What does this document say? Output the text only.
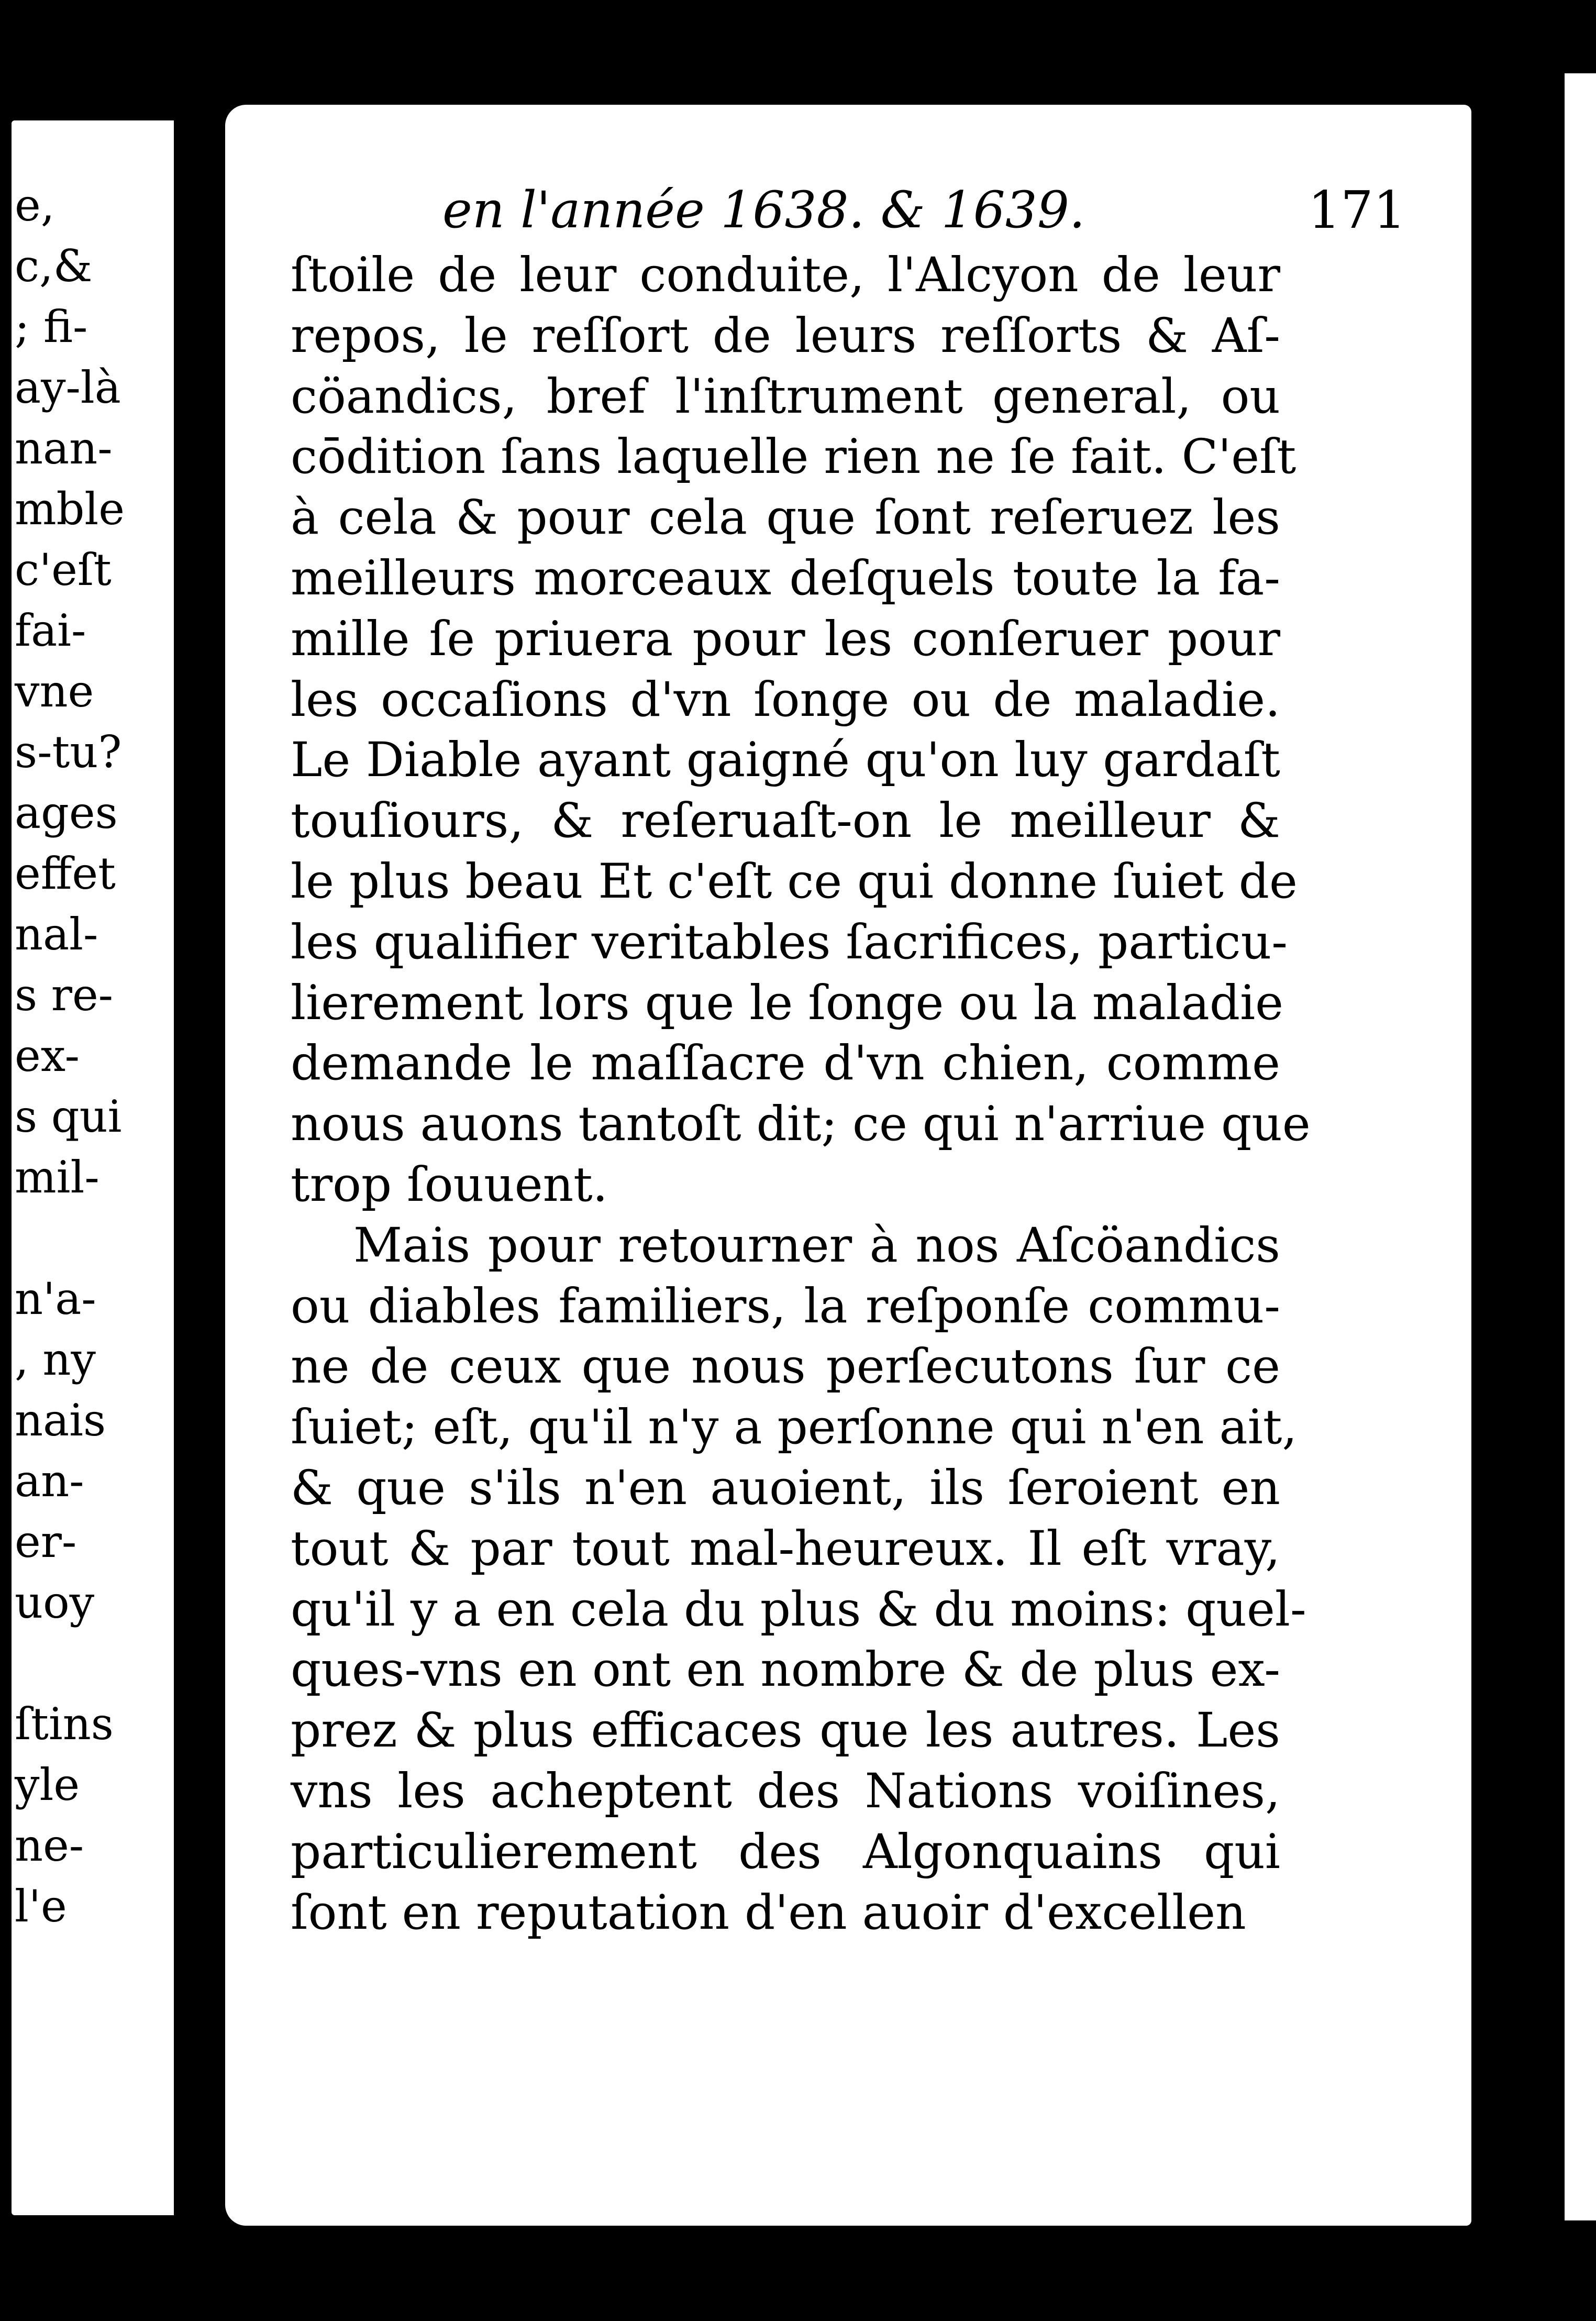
e,
c,&
; fi-
ay-là
nan-
mble
c'eſt
fai-
vne
s-tu?
ages
effet
nal-
s re-
ex-
s qui
mil-
n'a-
, ny
nais
an-
er-
uoy
ſtins
yle
ne-
l'e
en l'année 1638. & 1639.	171
ſtoile de leur conduite, l'Alcyon de leur
repos, le reſſort de leurs reſſorts & Aſ-
cöandics, bref l'inſtrument general, ou
cōdition ſans laquelle rien ne ſe fait. C'eſt
à cela & pour cela que ſont reſeruez les
meilleurs morceaux deſquels toute la fa-
mille ſe priuera pour les conſeruer pour
les occaſions d'vn ſonge ou de maladie.
Le Diable ayant gaigné qu'on luy gardaſt
touſiours, & reſeruaſt-on le meilleur &
le plus beau Et c'eſt ce qui donne ſuiet de
les qualifier veritables ſacrifices, particu-
lierement lors que le ſonge ou la maladie
demande le maſſacre d'vn chien, comme
nous auons tantoſt dit; ce qui n'arriue que
trop ſouuent.
Mais pour retourner à nos Aſcöandics
ou diables familiers, la reſponſe commu-
ne de ceux que nous perſecutons ſur ce
ſuiet; eſt, qu'il n'y a perſonne qui n'en ait,
& que s'ils n'en auoient, ils ſeroient en
tout & par tout mal-heureux. Il eſt vray,
qu'il y a en cela du plus & du moins: quel-
ques-vns en ont en nombre & de plus ex-
prez & plus efficaces que les autres. Les
vns les acheptent des Nations voiſines,
particulierement des Algonquains qui
ſont en reputation d'en auoir d'excellen
